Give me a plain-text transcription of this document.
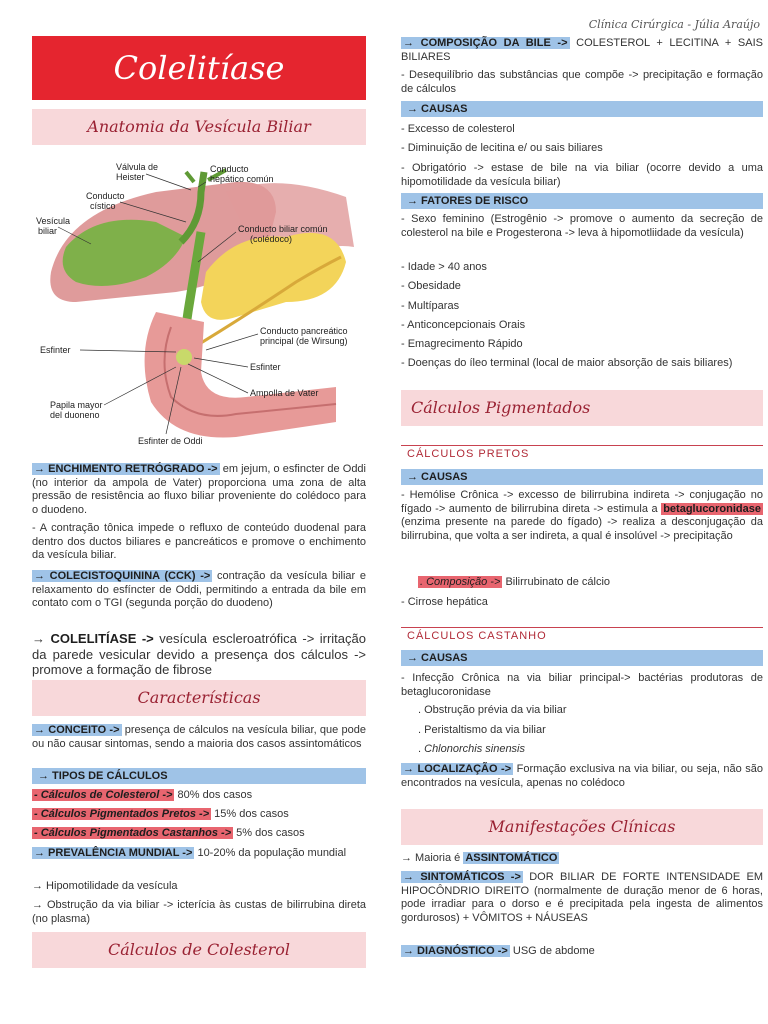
Clínica Cirúrgica - Júlia Araújo
Colelitíase
Anatomia da Vesícula Biliar
Válvula de
Heister
Conducto
cístico
Vesícula
biliar
Conducto
hepático común
Conducto biliar común
(colédoco)
Conducto pancreático
principal (de Wirsung)
Esfinter
Esfinter
Ampolla de Vater
Papila mayor
del duoneno
Esfinter de Oddi
→ ENCHIMENTO RETRÓGRADO -> em jejum, o esfincter de Oddi (no interior da ampola de Vater) proporciona uma zona de alta pressão de resistência ao fluxo biliar proveniente do colédoco para o duodeno.
- A contração tônica impede o refluxo de conteúdo duodenal para dentro dos ductos biliares e pancreáticos e promove o enchimento da vesícula biliar.
→ COLECISTOQUININA (CCK) -> contração da vesícula biliar e relaxamento do esfíncter de Oddi, permitindo a entrada da bile em contato com o TGI (segunda porção do duodeno)
→ COLELITÍASE -> vesícula escleroatrófica -> irritação da parede vesicular devido a presença dos cálculos -> promove a formação de fibrose
Características
→ CONCEITO -> presença de cálculos na vesícula biliar, que pode ou não causar sintomas, sendo a maioria dos casos assintomáticos
→ TIPOS DE CÁLCULOS
- Cálculos de Colesterol -> 80% dos casos
- Cálculos Pigmentados Pretos -> 15% dos casos
- Cálculos Pigmentados Castanhos -> 5% dos casos
→ PREVALÊNCIA MUNDIAL -> 10-20% da população mundial
→ Hipomotilidade da vesícula
→ Obstrução da via biliar -> icterícia às custas de bilirrubina direta (no plasma)
Cálculos de Colesterol
→ COMPOSIÇÃO DA BILE -> COLESTEROL + LECITINA + SAIS BILIARES
- Desequilíbrio das substâncias que compõe -> precipitação e formação de cálculos
→ CAUSAS
- Excesso de colesterol
- Diminuição de lecitina e/ ou sais biliares
- Obrigatório -> estase de bile na via biliar (ocorre devido a uma hipomotilidade da vesícula biliar)
→ FATORES DE RISCO
- Sexo feminino (Estrogênio -> promove o aumento da secreção de colesterol na bile e Progesterona -> leva à hipomotliidade da vesícula)
- Idade > 40 anos
- Obesidade
- Multíparas
- Anticoncepcionais Orais
- Emagrecimento Rápido
- Doenças do íleo terminal (local de maior absorção de sais biliares)
Cálculos Pigmentados
CÁLCULOS PRETOS
→ CAUSAS
- Hemólise Crônica -> excesso de bilirrubina indireta -> conjugação no fígado -> aumento de bilirrubina direta -> estimula a betaglucoronidase (enzima presente na parede do fígado) -> realiza a desconjugação da bilirrubina, que volta a ser indireta, a qual é insolúvel -> precipitação
. Composição -> Bilirrubinato de cálcio
- Cirrose hepática
CÁLCULOS CASTANHO
→ CAUSAS
- Infecção Crônica na via biliar principal-> bactérias produtoras de betaglucoronidase
. Obstrução prévia da via biliar
. Peristaltismo da via biliar
. Chlonorchis sinensis
→ LOCALIZAÇÃO -> Formação exclusiva na via biliar, ou seja, não são encontrados na vesícula, apenas no colédoco
Manifestações Clínicas
→ Maioria é ASSINTOMÁTICO
→ SINTOMÁTICOS -> DOR BILIAR DE FORTE INTENSIDADE EM HIPOCÔNDRIO DIREITO (normalmente de duração menor de 6 horas, pode irradiar para o dorso e é precipitada pela ingesta de alimentos gordurosos) + VÔMITOS + NÁUSEAS
→ DIAGNÓSTICO -> USG de abdome
